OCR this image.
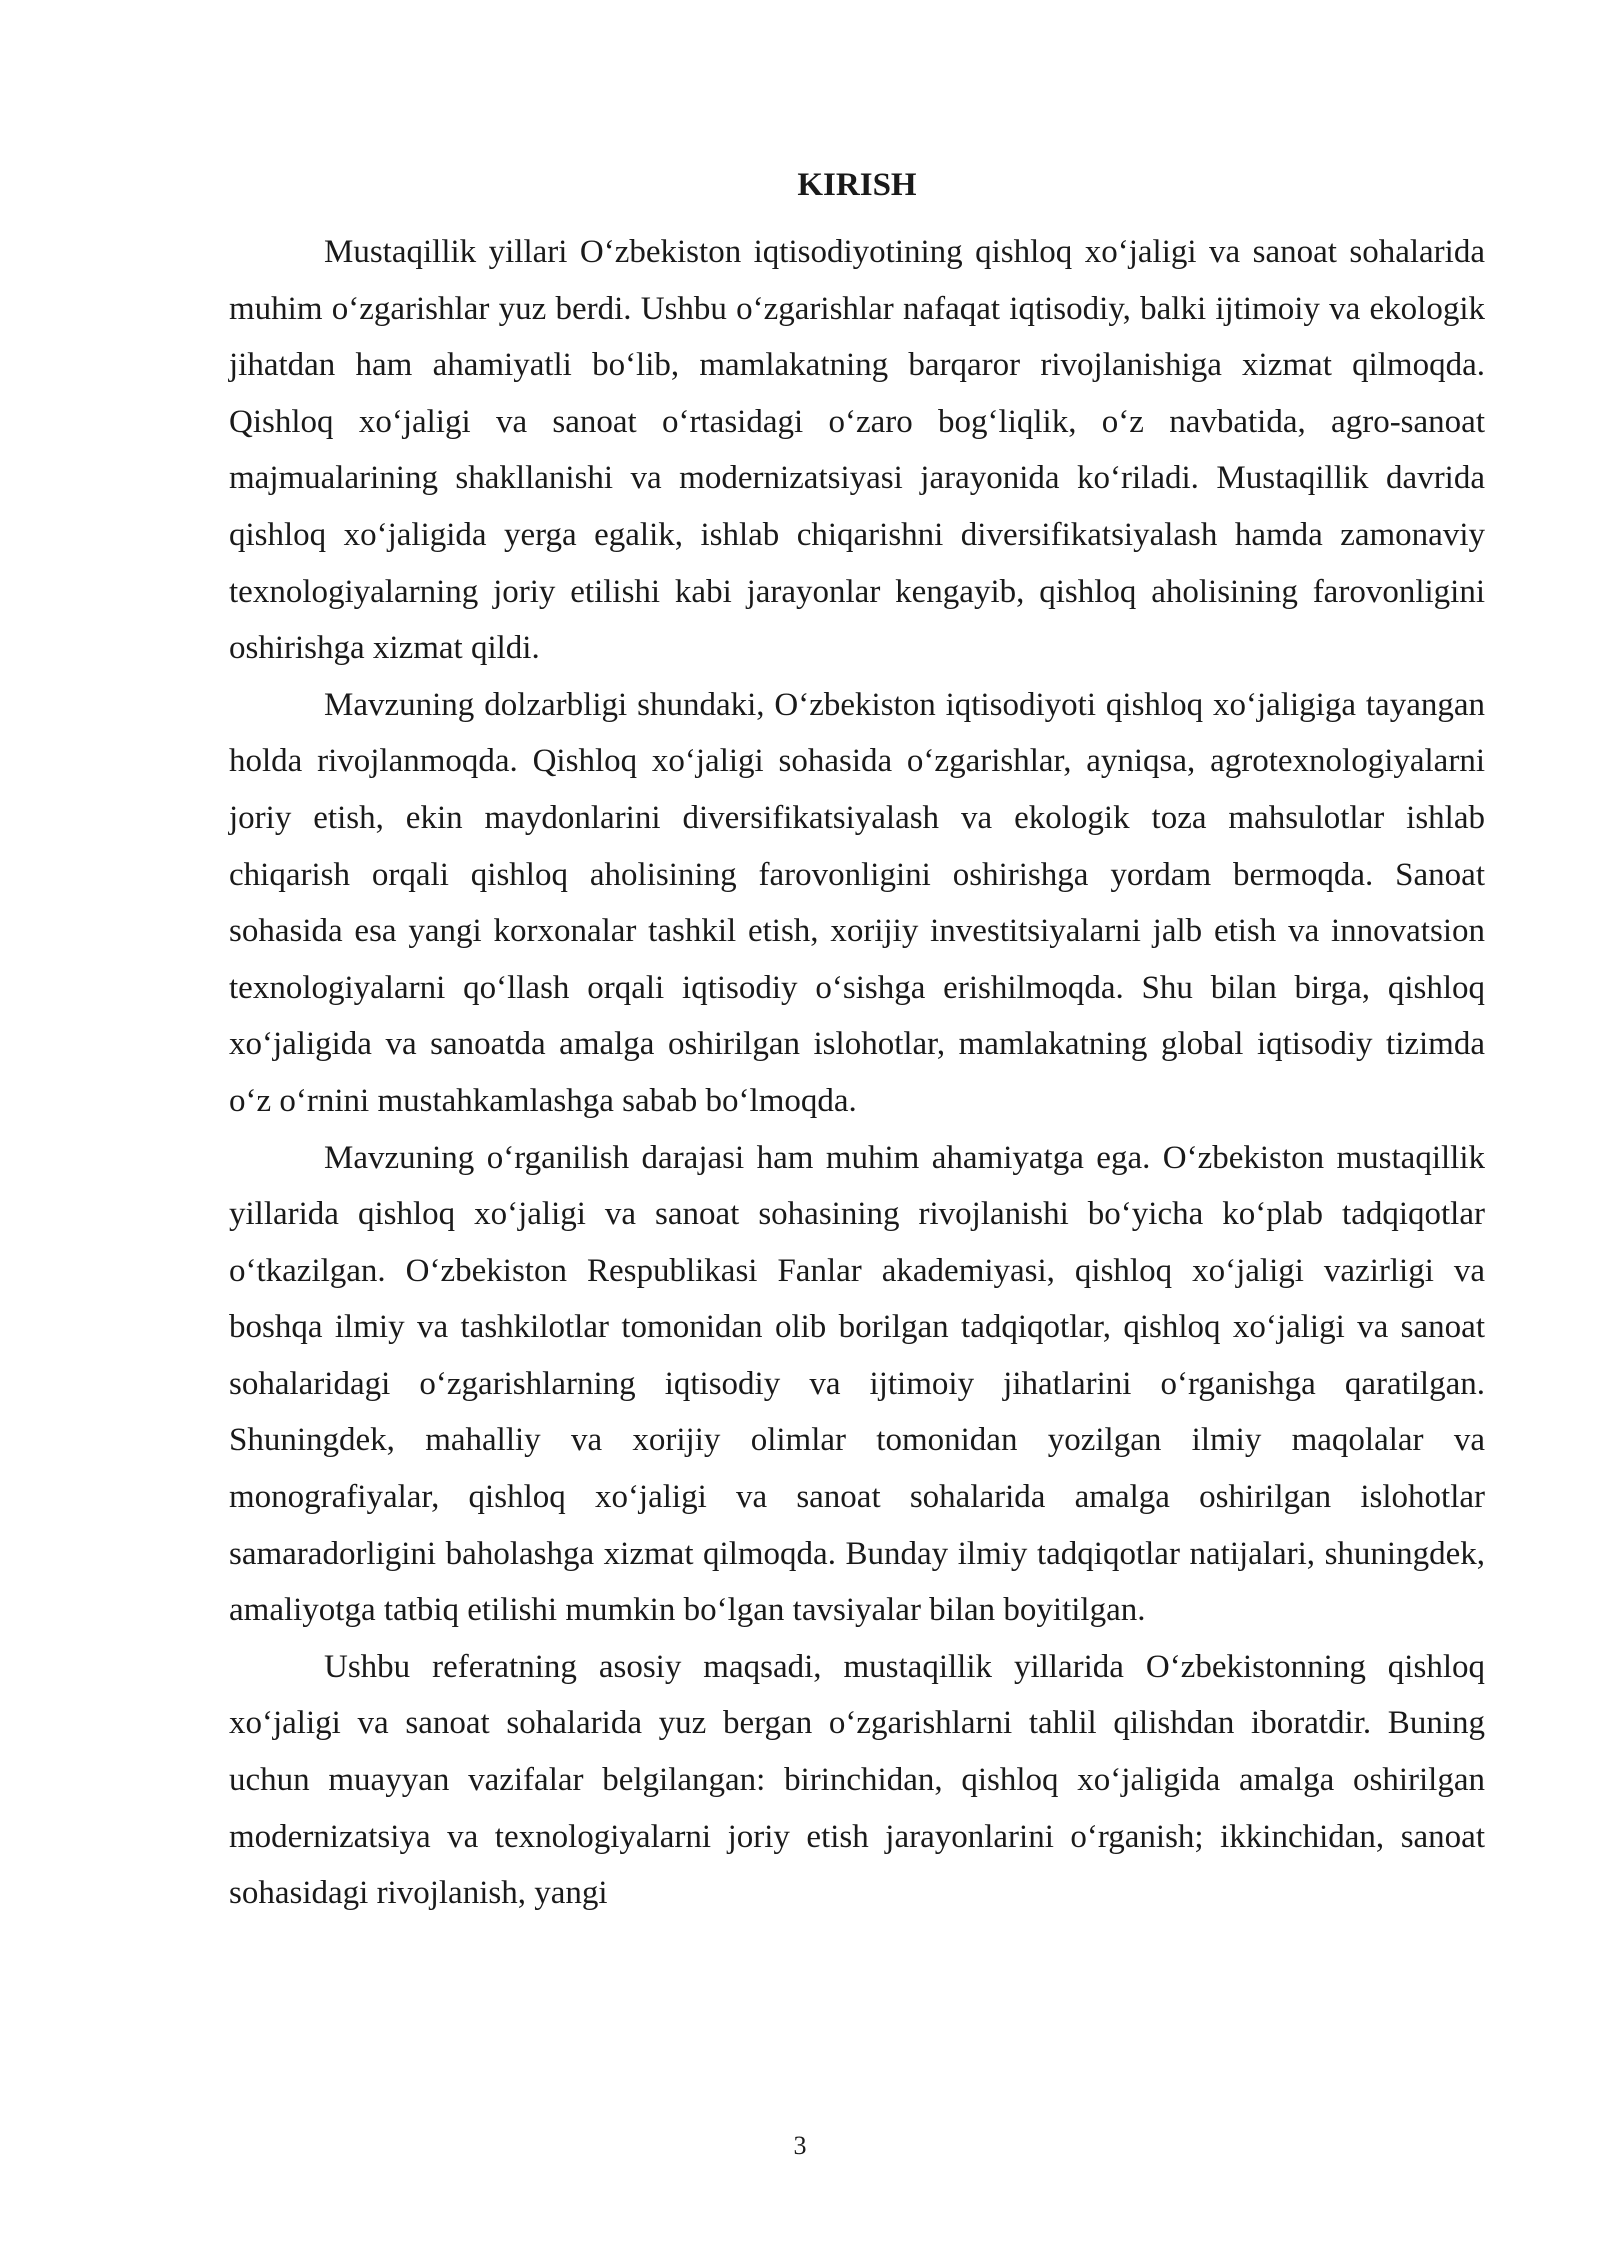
KIRISH

Mustaqillik yillari O‘zbekiston iqtisodiyotining qishloq xo‘jaligi va sanoat sohalarida muhim o‘zgarishlar yuz berdi. Ushbu o‘zgarishlar nafaqat iqtisodiy, balki ijtimoiy va ekologik jihatdan ham ahamiyatli bo‘lib, mamlakatning barqaror rivojlanishiga xizmat qilmoqda. Qishloq xo‘jaligi va sanoat o‘rtasidagi o‘zaro bog‘liqlik, o‘z navbatida, agro-sanoat majmualarining shakllanishi va modernizatsiyasi jarayonida ko‘riladi. Mustaqillik davrida qishloq xo‘jaligida yerga egalik, ishlab chiqarishni diversifikatsiyalash hamda zamonaviy texnologiyalarning joriy etilishi kabi jarayonlar kengayib, qishloq aholisining farovonligini oshirishga xizmat qildi.

Mavzuning dolzarbligi shundaki, O‘zbekiston iqtisodiyoti qishloq xo‘jaligiga tayangan holda rivojlanmoqda. Qishloq xo‘jaligi sohasida o‘zgarishlar, ayniqsa, agrotexnologiyalarni joriy etish, ekin maydonlarini diversifikatsiyalash va ekologik toza mahsulotlar ishlab chiqarish orqali qishloq aholisining farovonligini oshirishga yordam bermoqda. Sanoat sohasida esa yangi korxonalar tashkil etish, xorijiy investitsiyalarni jalb etish va innovatsion texnologiyalarni qo‘llash orqali iqtisodiy o‘sishga erishilmoqda. Shu bilan birga, qishloq xo‘jaligida va sanoatda amalga oshirilgan islohotlar, mamlakatning global iqtisodiy tizimda o‘z o‘rnini mustahkamlashga sabab bo‘lmoqda.

Mavzuning o‘rganilish darajasi ham muhim ahamiyatga ega. O‘zbekiston mustaqillik yillarida qishloq xo‘jaligi va sanoat sohasining rivojlanishi bo‘yicha ko‘plab tadqiqotlar o‘tkazilgan. O‘zbekiston Respublikasi Fanlar akademiyasi, qishloq xo‘jaligi vazirligi va boshqa ilmiy va tashkilotlar tomonidan olib borilgan tadqiqotlar, qishloq xo‘jaligi va sanoat sohalaridagi o‘zgarishlarning iqtisodiy va ijtimoiy jihatlarini o‘rganishga qaratilgan. Shuningdek, mahalliy va xorijiy olimlar tomonidan yozilgan ilmiy maqolalar va monografiyalar, qishloq xo‘jaligi va sanoat sohalarida amalga oshirilgan islohotlar samaradorligini baholashga xizmat qilmoqda. Bunday ilmiy tadqiqotlar natijalari, shuningdek, amaliyotga tatbiq etilishi mumkin bo‘lgan tavsiyalar bilan boyitilgan.

Ushbu referatning asosiy maqsadi, mustaqillik yillarida O‘zbekistonning qishloq xo‘jaligi va sanoat sohalarida yuz bergan o‘zgarishlarni tahlil qilishdan iboratdir. Buning uchun muayyan vazifalar belgilangan: birinchidan, qishloq xo‘jaligida amalga oshirilgan modernizatsiya va texnologiyalarni joriy etish jarayonlarini o‘rganish; ikkinchidan, sanoat sohasidagi rivojlanish, yangi

3
